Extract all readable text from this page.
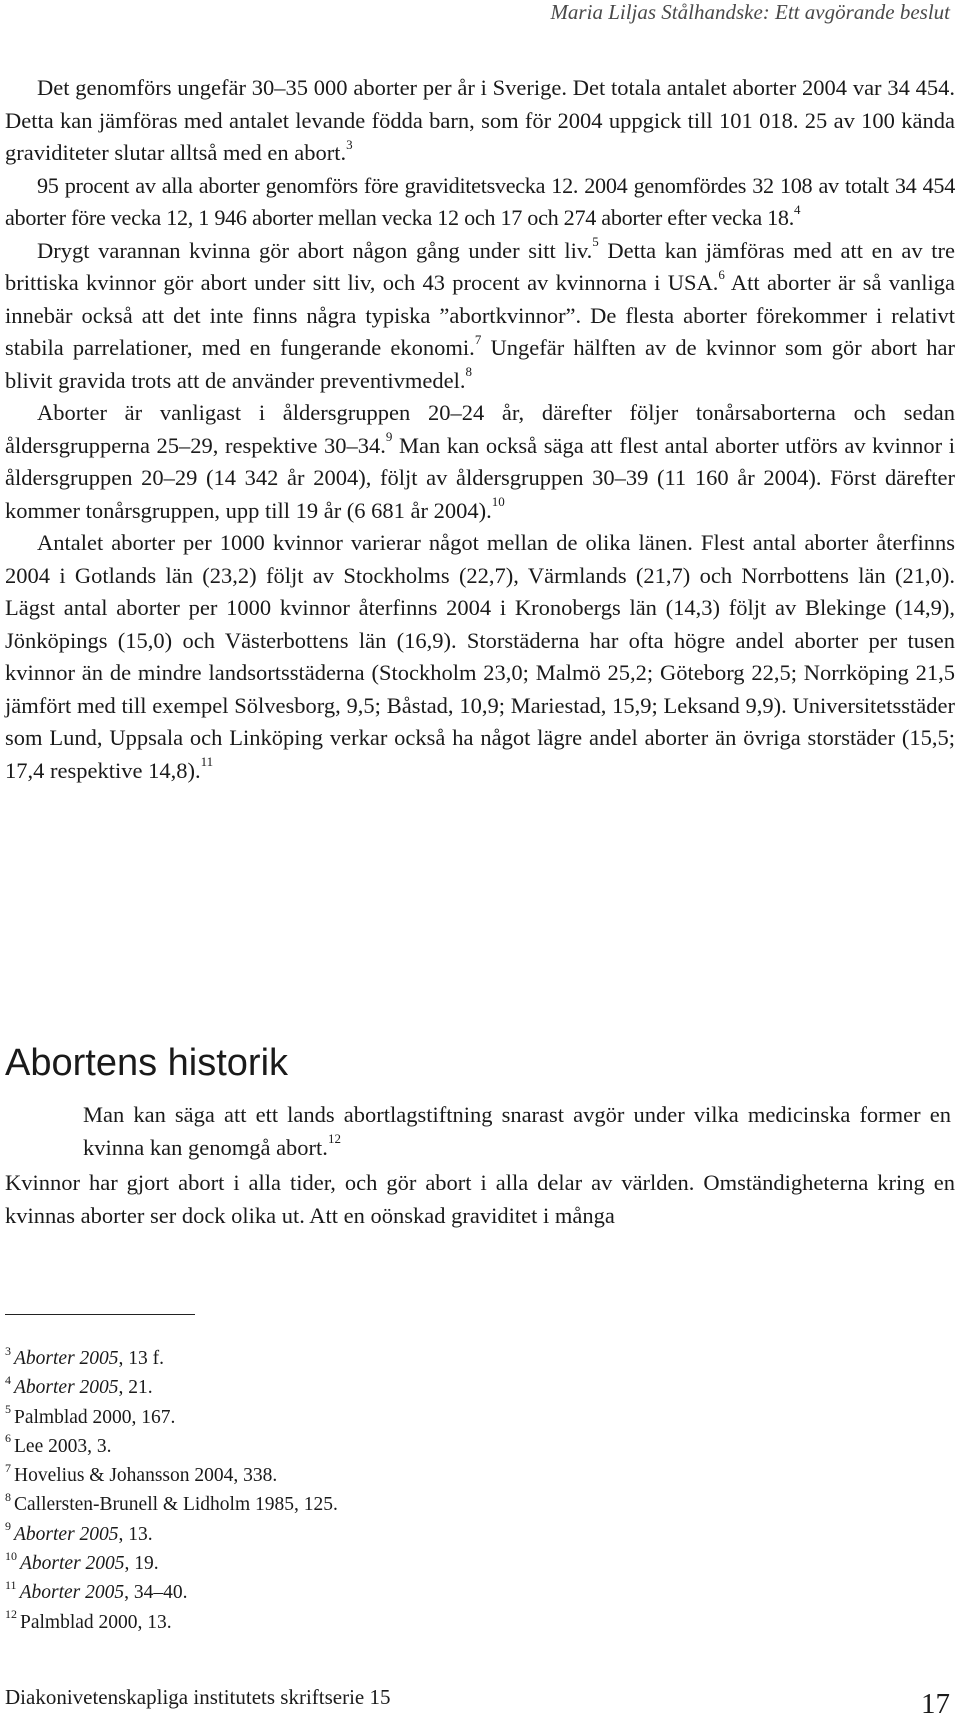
Maria Liljas Stålhandske: Ett avgörande beslut

Det genomförs ungefär 30–35 000 aborter per år i Sverige. Det totala antalet aborter 2004 var 34 454. Detta kan jämföras med antalet levande födda barn, som för 2004 uppgick till 101 018. 25 av 100 kända graviditeter slutar alltså med en abort.$^3$

95 procent av alla aborter genomförs före graviditetsvecka 12. 2004 genomfördes 32 108 av totalt 34 454 aborter före vecka 12, 1 946 aborter mellan vecka 12 och 17 och 274 aborter efter vecka 18.$^4$

Drygt varannan kvinna gör abort någon gång under sitt liv.$^5$ Detta kan jämföras med att en av tre brittiska kvinnor gör abort under sitt liv, och 43 procent av kvinnorna i USA.$^6$ Att aborter är så vanliga innebär också att det inte finns några typiska ”abortkvinnor”. De flesta aborter förekommer i relativt stabila parrelationer, med en fungerande ekonomi.$^7$ Ungefär hälften av de kvinnor som gör abort har blivit gravida trots att de använder preventivmedel.$^8$

Aborter är vanligast i åldersgruppen 20–24 år, därefter följer tonårsaborterna och sedan åldersgrupperna 25–29, respektive 30–34.$^9$ Man kan också säga att flest antal aborter utförs av kvinnor i åldersgruppen 20–29 (14 342 år 2004), följt av åldersgruppen 30–39 (11 160 år 2004). Först därefter kommer tonårsgruppen, upp till 19 år (6 681 år 2004).$^{10}$

Antalet aborter per 1000 kvinnor varierar något mellan de olika länen. Flest antal aborter återfinns 2004 i Gotlands län (23,2) följt av Stockholms (22,7), Värmlands (21,7) och Norrbottens län (21,0). Lägst antal aborter per 1000 kvinnor återfinns 2004 i Kronobergs län (14,3) följt av Blekinge (14,9), Jönköpings (15,0) och Västerbottens län (16,9). Storstäderna har ofta högre andel aborter per tusen kvinnor än de mindre landsortsstäderna (Stockholm 23,0; Malmö 25,2; Göteborg 22,5; Norrköping 21,5 jämfört med till exempel Sölvesborg, 9,5; Båstad, 10,9; Mariestad, 15,9; Leksand 9,9). Universitetsstäder som Lund, Uppsala och Linköping verkar också ha något lägre andel aborter än övriga storstäder (15,5; 17,4 respektive 14,8).$^{11}$

Abortens historik
Man kan säga att ett lands abortlagstiftning snarast avgör under vilka medicinska former en kvinna kan genomgå abort.$^{12}$

Kvinnor har gjort abort i alla tider, och gör abort i alla delar av världen. Omständigheterna kring en kvinnas aborter ser dock olika ut. Att en oönskad graviditet i många

$^3$ Aborter 2005, 13 f.
$^4$ Aborter 2005, 21.
$^5$ Palmblad 2000, 167.
$^6$ Lee 2003, 3.
$^7$ Hovelius & Johansson 2004, 338.
$^8$ Callersten-Brunell & Lidholm 1985, 125.
$^9$ Aborter 2005, 13.
$^{10}$ Aborter 2005, 19.
$^{11}$ Aborter 2005, 34–40.
$^{12}$ Palmblad 2000, 13.
Diakonivetenskapliga institutets skriftserie 15	17
